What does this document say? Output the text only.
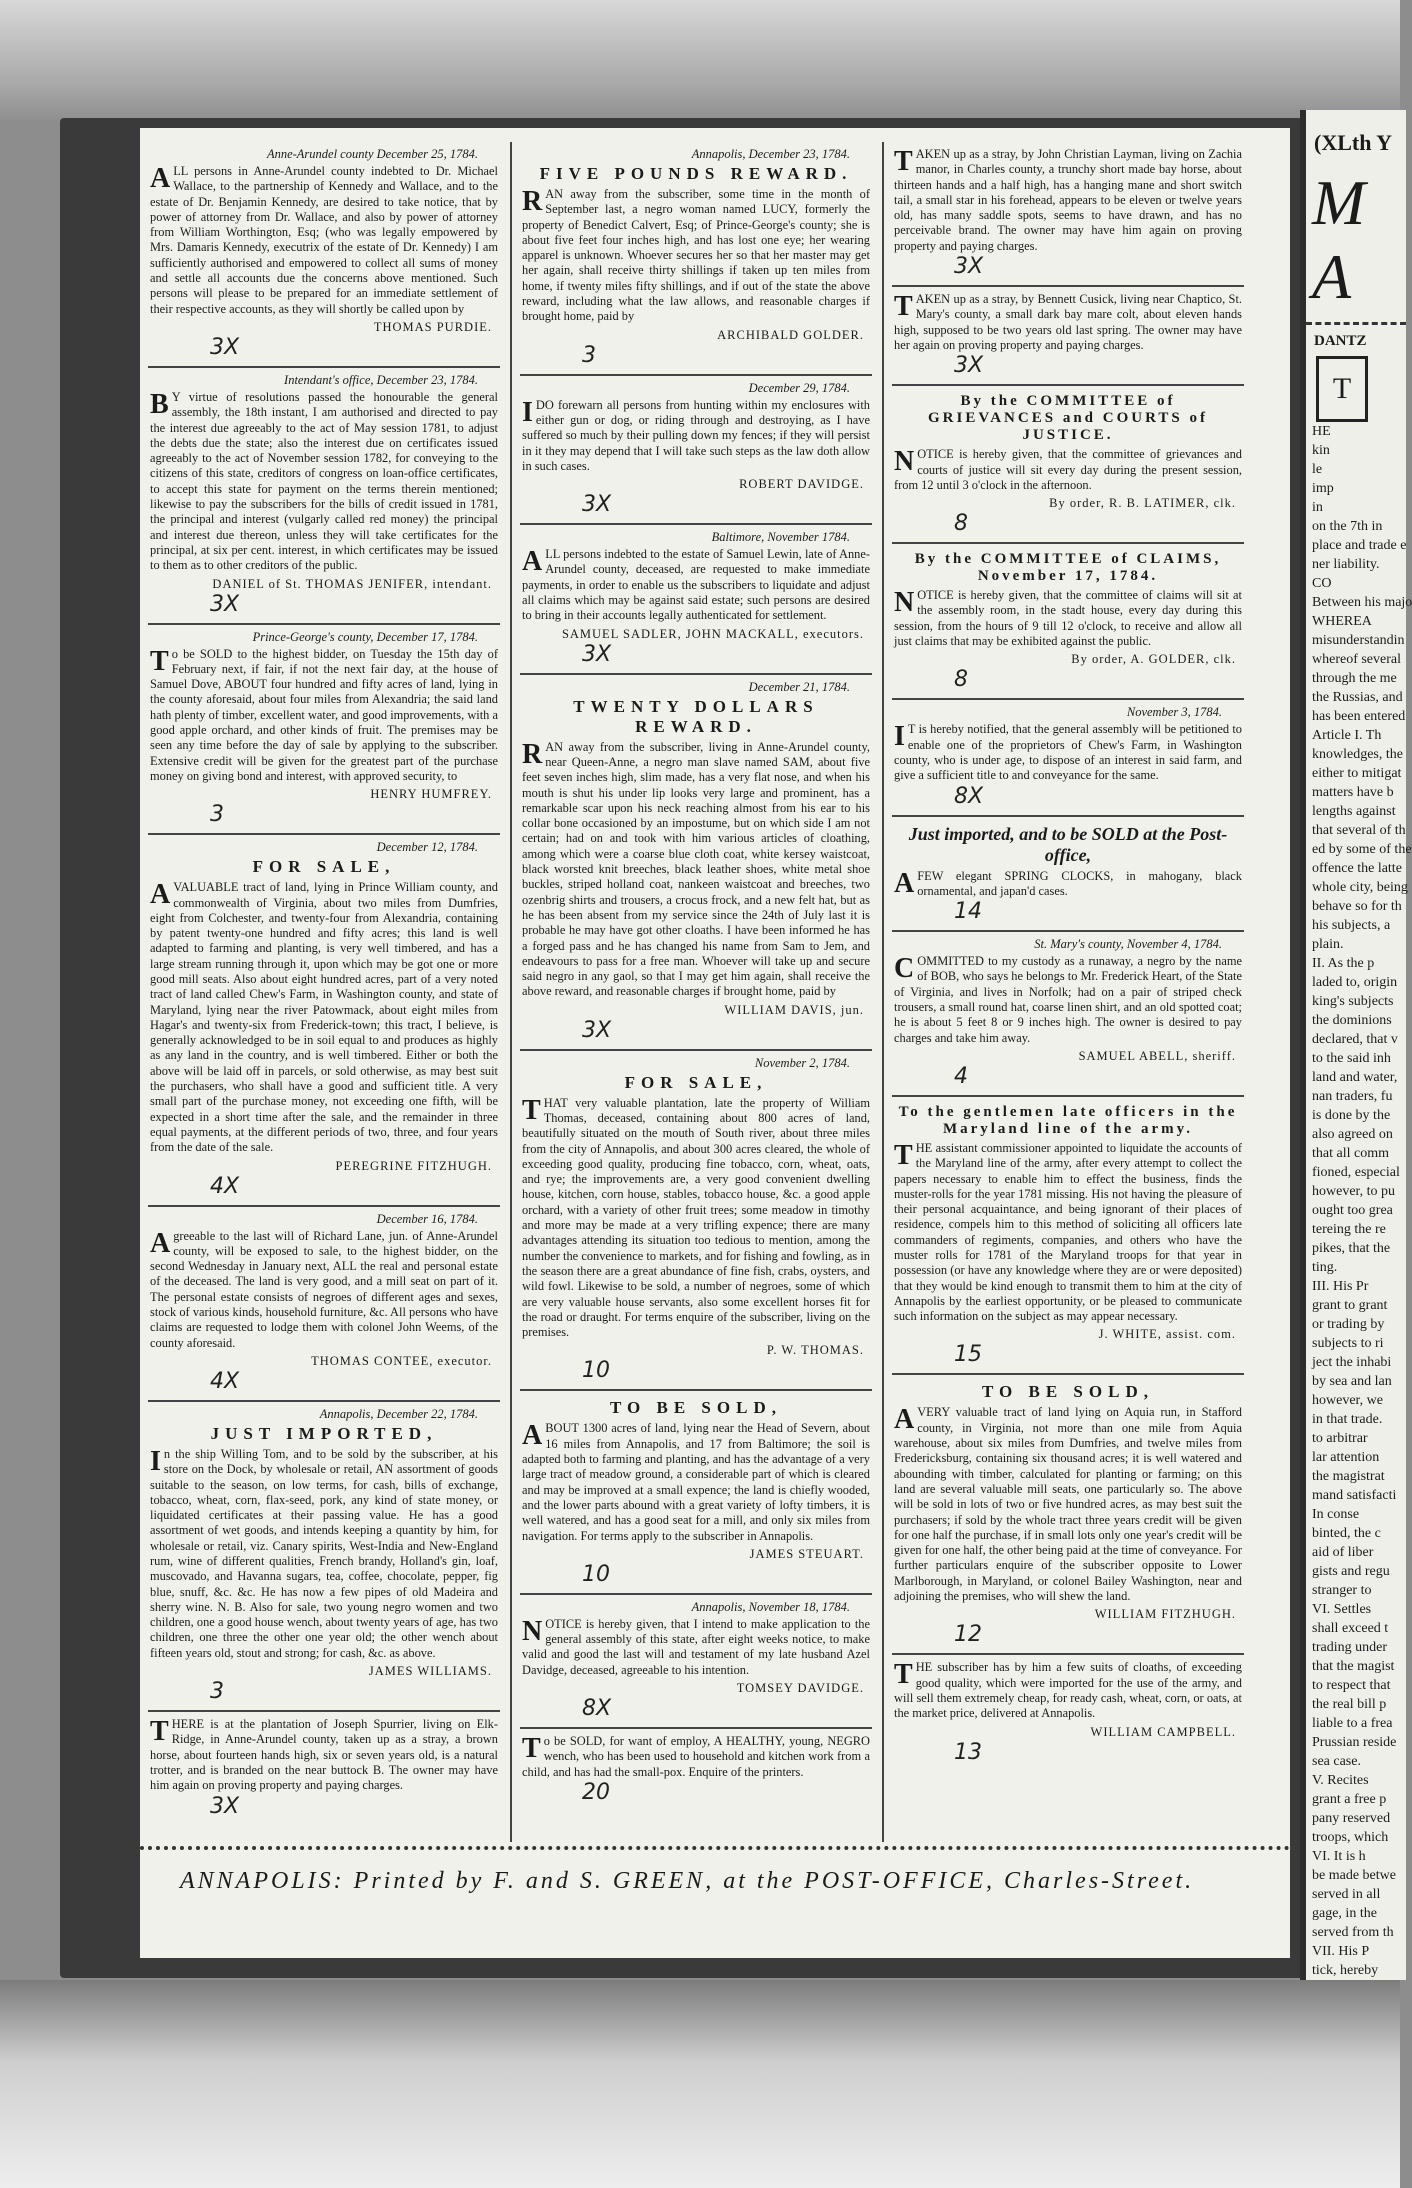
(XLth Y
M A
DANTZ
T
HE
kin
le
imp
in
on the 7th in
place and trade e
ner liability.
CO
Between his majo
WHEREA
misunderstandin
whereof several
through the me
the Russias, and
has been entered
Article I. Th
knowledges, the
either to mitigat
matters have b
lengths against
that several of th
ed by some of the
offence the latte
whole city, being
behave so for th
his subjects, a
plain.
II. As the p
laded to, origin
king's subjects
the dominions
declared, that v
to the said inh
land and water,
nan traders, fu
is done by the
also agreed on
that all comm
fioned, especial
however, to pu
ought too grea
tereing the re
pikes, that the
ting.
III. His Pr
grant to grant
or trading by
subjects to ri
ject the inhabi
by sea and lan
however, we
in that trade.
to arbitrar
lar attention
the magistrat
mand satisfacti
In conse
binted, the c
aid of liber
gists and regu
stranger to
VI. Settles
shall exceed t
trading under
that the magist
to respect that
the real bill p
liable to a frea
Prussian reside
sea case.
V. Recites
grant a free p
pany reserved
troops, which
VI. It is h
be made betwe
served in all
gage, in the
served from th
VII. His P
tick, hereby
Anne-Arundel county December 25, 1784.

ALL persons in Anne-Arundel county indebted to Dr. Michael Wallace, to the partnership of Kennedy and Wallace, and to the estate of Dr. Benjamin Kennedy, are desired to take notice, that by power of attorney from Dr. Wallace, and also by power of attorney from William Worthington, Esq; (who was legally empowered by Mrs. Damaris Kennedy, executrix of the estate of Dr. Kennedy) I am sufficiently authorised and empowered to collect all sums of money and settle all accounts due the concerns above mentioned. Such persons will please to be prepared for an immediate settlement of their respective accounts, as they will shortly be called upon by

THOMAS PURDIE.
3X
Intendant's office, December 23, 1784.

BY virtue of resolutions passed the honourable the general assembly, the 18th instant, I am authorised and directed to pay the interest due agreeably to the act of May session 1781, to adjust the debts due the state; also the interest due on certificates issued agreeably to the act of November session 1782, for conveying to the citizens of this state, creditors of congress on loan-office certificates, to accept this state for payment on the terms therein mentioned; likewise to pay the subscribers for the bills of credit issued in 1781, the principal and interest (vulgarly called red money) the principal and interest due thereon, unless they will take certificates for the principal, at six per cent. interest, in which certificates may be issued to them as to other creditors of the public.

DANIEL of St. THOMAS JENIFER, intendant.
3X
Prince-George's county, December 17, 1784.

To be SOLD to the highest bidder, on Tuesday the 15th day of February next, if fair, if not the next fair day, at the house of Samuel Dove, ABOUT four hundred and fifty acres of land, lying in the county aforesaid, about four miles from Alexandria; the said land hath plenty of timber, excellent water, and good improvements, with a good apple orchard, and other kinds of fruit. The premises may be seen any time before the day of sale by applying to the subscriber. Extensive credit will be given for the greatest part of the purchase money on giving bond and interest, with approved security, to

HENRY HUMFREY.
3
December 12, 1784.
FOR SALE,

AVALUABLE tract of land, lying in Prince William county, and commonwealth of Virginia, about two miles from Dumfries, eight from Colchester, and twenty-four from Alexandria, containing by patent twenty-one hundred and fifty acres; this land is well adapted to farming and planting, is very well timbered, and has a large stream running through it, upon which may be got one or more good mill seats. Also about eight hundred acres, part of a very noted tract of land called Chew's Farm, in Washington county, and state of Maryland, lying near the river Patowmack, about eight miles from Hagar's and twenty-six from Frederick-town; this tract, I believe, is generally acknowledged to be in soil equal to and produces as highly as any land in the country, and is well timbered. Either or both the above will be laid off in parcels, or sold otherwise, as may best suit the purchasers, who shall have a good and sufficient title. A very small part of the purchase money, not exceeding one fifth, will be expected in a short time after the sale, and the remainder in three equal payments, at the different periods of two, three, and four years from the date of the sale.

PEREGRINE FITZHUGH.
4X
December 16, 1784.

Agreeable to the last will of Richard Lane, jun. of Anne-Arundel county, will be exposed to sale, to the highest bidder, on the second Wednesday in January next, ALL the real and personal estate of the deceased. The land is very good, and a mill seat on part of it. The personal estate consists of negroes of different ages and sexes, stock of various kinds, household furniture, &c. All persons who have claims are requested to lodge them with colonel John Weems, of the county aforesaid.

THOMAS CONTEE, executor.
4X
Annapolis, December 22, 1784.
JUST IMPORTED,

In the ship Willing Tom, and to be sold by the subscriber, at his store on the Dock, by wholesale or retail, AN assortment of goods suitable to the season, on low terms, for cash, bills of exchange, tobacco, wheat, corn, flax-seed, pork, any kind of state money, or liquidated certificates at their passing value. He has a good assortment of wet goods, and intends keeping a quantity by him, for wholesale or retail, viz. Canary spirits, West-India and New-England rum, wine of different qualities, French brandy, Holland's gin, loaf, muscovado, and Havanna sugars, tea, coffee, chocolate, pepper, fig blue, snuff, &c. &c. He has now a few pipes of old Madeira and sherry wine. N. B. Also for sale, two young negro women and two children, one a good house wench, about twenty years of age, has two children, one three the other one year old; the other wench about fifteen years old, stout and strong; for cash, &c. as above.

JAMES WILLIAMS.
3

THERE is at the plantation of Joseph Spurrier, living on Elk-Ridge, in Anne-Arundel county, taken up as a stray, a brown horse, about fourteen hands high, six or seven years old, is a natural trotter, and is branded on the near buttock B. The owner may have him again on proving property and paying charges.

3X
Annapolis, December 23, 1784.
FIVE POUNDS REWARD.

RAN away from the subscriber, some time in the month of September last, a negro woman named LUCY, formerly the property of Benedict Calvert, Esq; of Prince-George's county; she is about five feet four inches high, and has lost one eye; her wearing apparel is unknown. Whoever secures her so that her master may get her again, shall receive thirty shillings if taken up ten miles from home, if twenty miles fifty shillings, and if out of the state the above reward, including what the law allows, and reasonable charges if brought home, paid by

ARCHIBALD GOLDER.
3
December 29, 1784.

IDO forewarn all persons from hunting within my enclosures with either gun or dog, or riding through and destroying, as I have suffered so much by their pulling down my fences; if they will persist in it they may depend that I will take such steps as the law doth allow in such cases.

ROBERT DAVIDGE.
3X
Baltimore, November 1784.

ALL persons indebted to the estate of Samuel Lewin, late of Anne-Arundel county, deceased, are requested to make immediate payments, in order to enable us the subscribers to liquidate and adjust all claims which may be against said estate; such persons are desired to bring in their accounts legally authenticated for settlement.

SAMUEL SADLER, JOHN MACKALL, executors.
3X
December 21, 1784.
TWENTY DOLLARS REWARD.

RAN away from the subscriber, living in Anne-Arundel county, near Queen-Anne, a negro man slave named SAM, about five feet seven inches high, slim made, has a very flat nose, and when his mouth is shut his under lip looks very large and prominent, has a remarkable scar upon his neck reaching almost from his ear to his collar bone occasioned by an impostume, but on which side I am not certain; had on and took with him various articles of cloathing, among which were a coarse blue cloth coat, white kersey waistcoat, black worsted knit breeches, black leather shoes, white metal shoe buckles, striped holland coat, nankeen waistcoat and breeches, two ozenbrig shirts and trousers, a crocus frock, and a new felt hat, but as he has been absent from my service since the 24th of July last it is probable he may have got other cloaths. I have been informed he has a forged pass and he has changed his name from Sam to Jem, and endeavours to pass for a free man. Whoever will take up and secure said negro in any gaol, so that I may get him again, shall receive the above reward, and reasonable charges if brought home, paid by

WILLIAM DAVIS, jun.
3X
November 2, 1784.
FOR SALE,

THAT very valuable plantation, late the property of William Thomas, deceased, containing about 800 acres of land, beautifully situated on the mouth of South river, about three miles from the city of Annapolis, and about 300 acres cleared, the whole of exceeding good quality, producing fine tobacco, corn, wheat, oats, and rye; the improvements are, a very good convenient dwelling house, kitchen, corn house, stables, tobacco house, &c. a good apple orchard, with a variety of other fruit trees; some meadow in timothy and more may be made at a very trifling expence; there are many advantages attending its situation too tedious to mention, among the number the convenience to markets, and for fishing and fowling, as in the season there are a great abundance of fine fish, crabs, oysters, and wild fowl. Likewise to be sold, a number of negroes, some of which are very valuable house servants, also some excellent horses fit for the road or draught. For terms enquire of the subscriber, living on the premises.

P. W. THOMAS.
10
TO BE SOLD,

ABOUT 1300 acres of land, lying near the Head of Severn, about 16 miles from Annapolis, and 17 from Baltimore; the soil is adapted both to farming and planting, and has the advantage of a very large tract of meadow ground, a considerable part of which is cleared and may be improved at a small expence; the land is chiefly wooded, and the lower parts abound with a great variety of lofty timbers, it is well watered, and has a good seat for a mill, and only six miles from navigation. For terms apply to the subscriber in Annapolis.

JAMES STEUART.
10
Annapolis, November 18, 1784.

NOTICE is hereby given, that I intend to make application to the general assembly of this state, after eight weeks notice, to make valid and good the last will and testament of my late husband Azel Davidge, deceased, agreeable to his intention.

TOMSEY DAVIDGE.
8X

To be SOLD, for want of employ, A HEALTHY, young, NEGRO wench, who has been used to household and kitchen work from a child, and has had the small-pox. Enquire of the printers.

20

TAKEN up as a stray, by John Christian Layman, living on Zachia manor, in Charles county, a trunchy short made bay horse, about thirteen hands and a half high, has a hanging mane and short switch tail, a small star in his forehead, appears to be eleven or twelve years old, has many saddle spots, seems to have drawn, and has no perceivable brand. The owner may have him again on proving property and paying charges.

3X

TAKEN up as a stray, by Bennett Cusick, living near Chaptico, St. Mary's county, a small dark bay mare colt, about eleven hands high, supposed to be two years old last spring. The owner may have her again on proving property and paying charges.

3X
By the COMMITTEE of GRIEVANCES and COURTS of JUSTICE.

NOTICE is hereby given, that the committee of grievances and courts of justice will sit every day during the present session, from 12 until 3 o'clock in the afternoon.

By order, R. B. LATIMER, clk.
8
By the COMMITTEE of CLAIMS, November 17, 1784.

NOTICE is hereby given, that the committee of claims will sit at the assembly room, in the stadt house, every day during this session, from the hours of 9 till 12 o'clock, to receive and allow all just claims that may be exhibited against the public.

By order, A. GOLDER, clk.
8
November 3, 1784.

IT is hereby notified, that the general assembly will be petitioned to enable one of the proprietors of Chew's Farm, in Washington county, who is under age, to dispose of an interest in said farm, and give a sufficient title to and conveyance for the same.

8X
Just imported, and to be SOLD at the Post-office,

AFEW elegant SPRING CLOCKS, in mahogany, black ornamental, and japan'd cases.

14
St. Mary's county, November 4, 1784.

COMMITTED to my custody as a runaway, a negro by the name of BOB, who says he belongs to Mr. Frederick Heart, of the State of Virginia, and lives in Norfolk; had on a pair of striped check trousers, a small round hat, coarse linen shirt, and an old spotted coat; he is about 5 feet 8 or 9 inches high. The owner is desired to pay charges and take him away.

SAMUEL ABELL, sheriff.
4
To the gentlemen late officers in the Maryland line of the army.

THE assistant commissioner appointed to liquidate the accounts of the Maryland line of the army, after every attempt to collect the papers necessary to enable him to effect the business, finds the muster-rolls for the year 1781 missing. His not having the pleasure of their personal acquaintance, and being ignorant of their places of residence, compels him to this method of soliciting all officers late commanders of regiments, companies, and others who have the muster rolls for 1781 of the Maryland troops for that year in possession (or have any knowledge where they are or were deposited) that they would be kind enough to transmit them to him at the city of Annapolis by the earliest opportunity, or be pleased to communicate such information on the subject as may appear necessary.

J. WHITE, assist. com.
15
TO BE SOLD,

AVERY valuable tract of land lying on Aquia run, in Stafford county, in Virginia, not more than one mile from Aquia warehouse, about six miles from Dumfries, and twelve miles from Fredericksburg, containing six thousand acres; it is well watered and abounding with timber, calculated for planting or farming; on this land are several valuable mill seats, one particularly so. The above will be sold in lots of two or five hundred acres, as may best suit the purchasers; if sold by the whole tract three years credit will be given for one half the purchase, if in small lots only one year's credit will be given for one half, the other being paid at the time of conveyance. For further particulars enquire of the subscriber opposite to Lower Marlborough, in Maryland, or colonel Bailey Washington, near and adjoining the premises, who will shew the land.

WILLIAM FITZHUGH.
12

THE subscriber has by him a few suits of cloaths, of exceeding good quality, which were imported for the use of the army, and will sell them extremely cheap, for ready cash, wheat, corn, or oats, at the market price, delivered at Annapolis.

WILLIAM CAMPBELL.
13
ANNAPOLIS: Printed by F. and S. GREEN, at the POST-OFFICE, Charles-Street.
